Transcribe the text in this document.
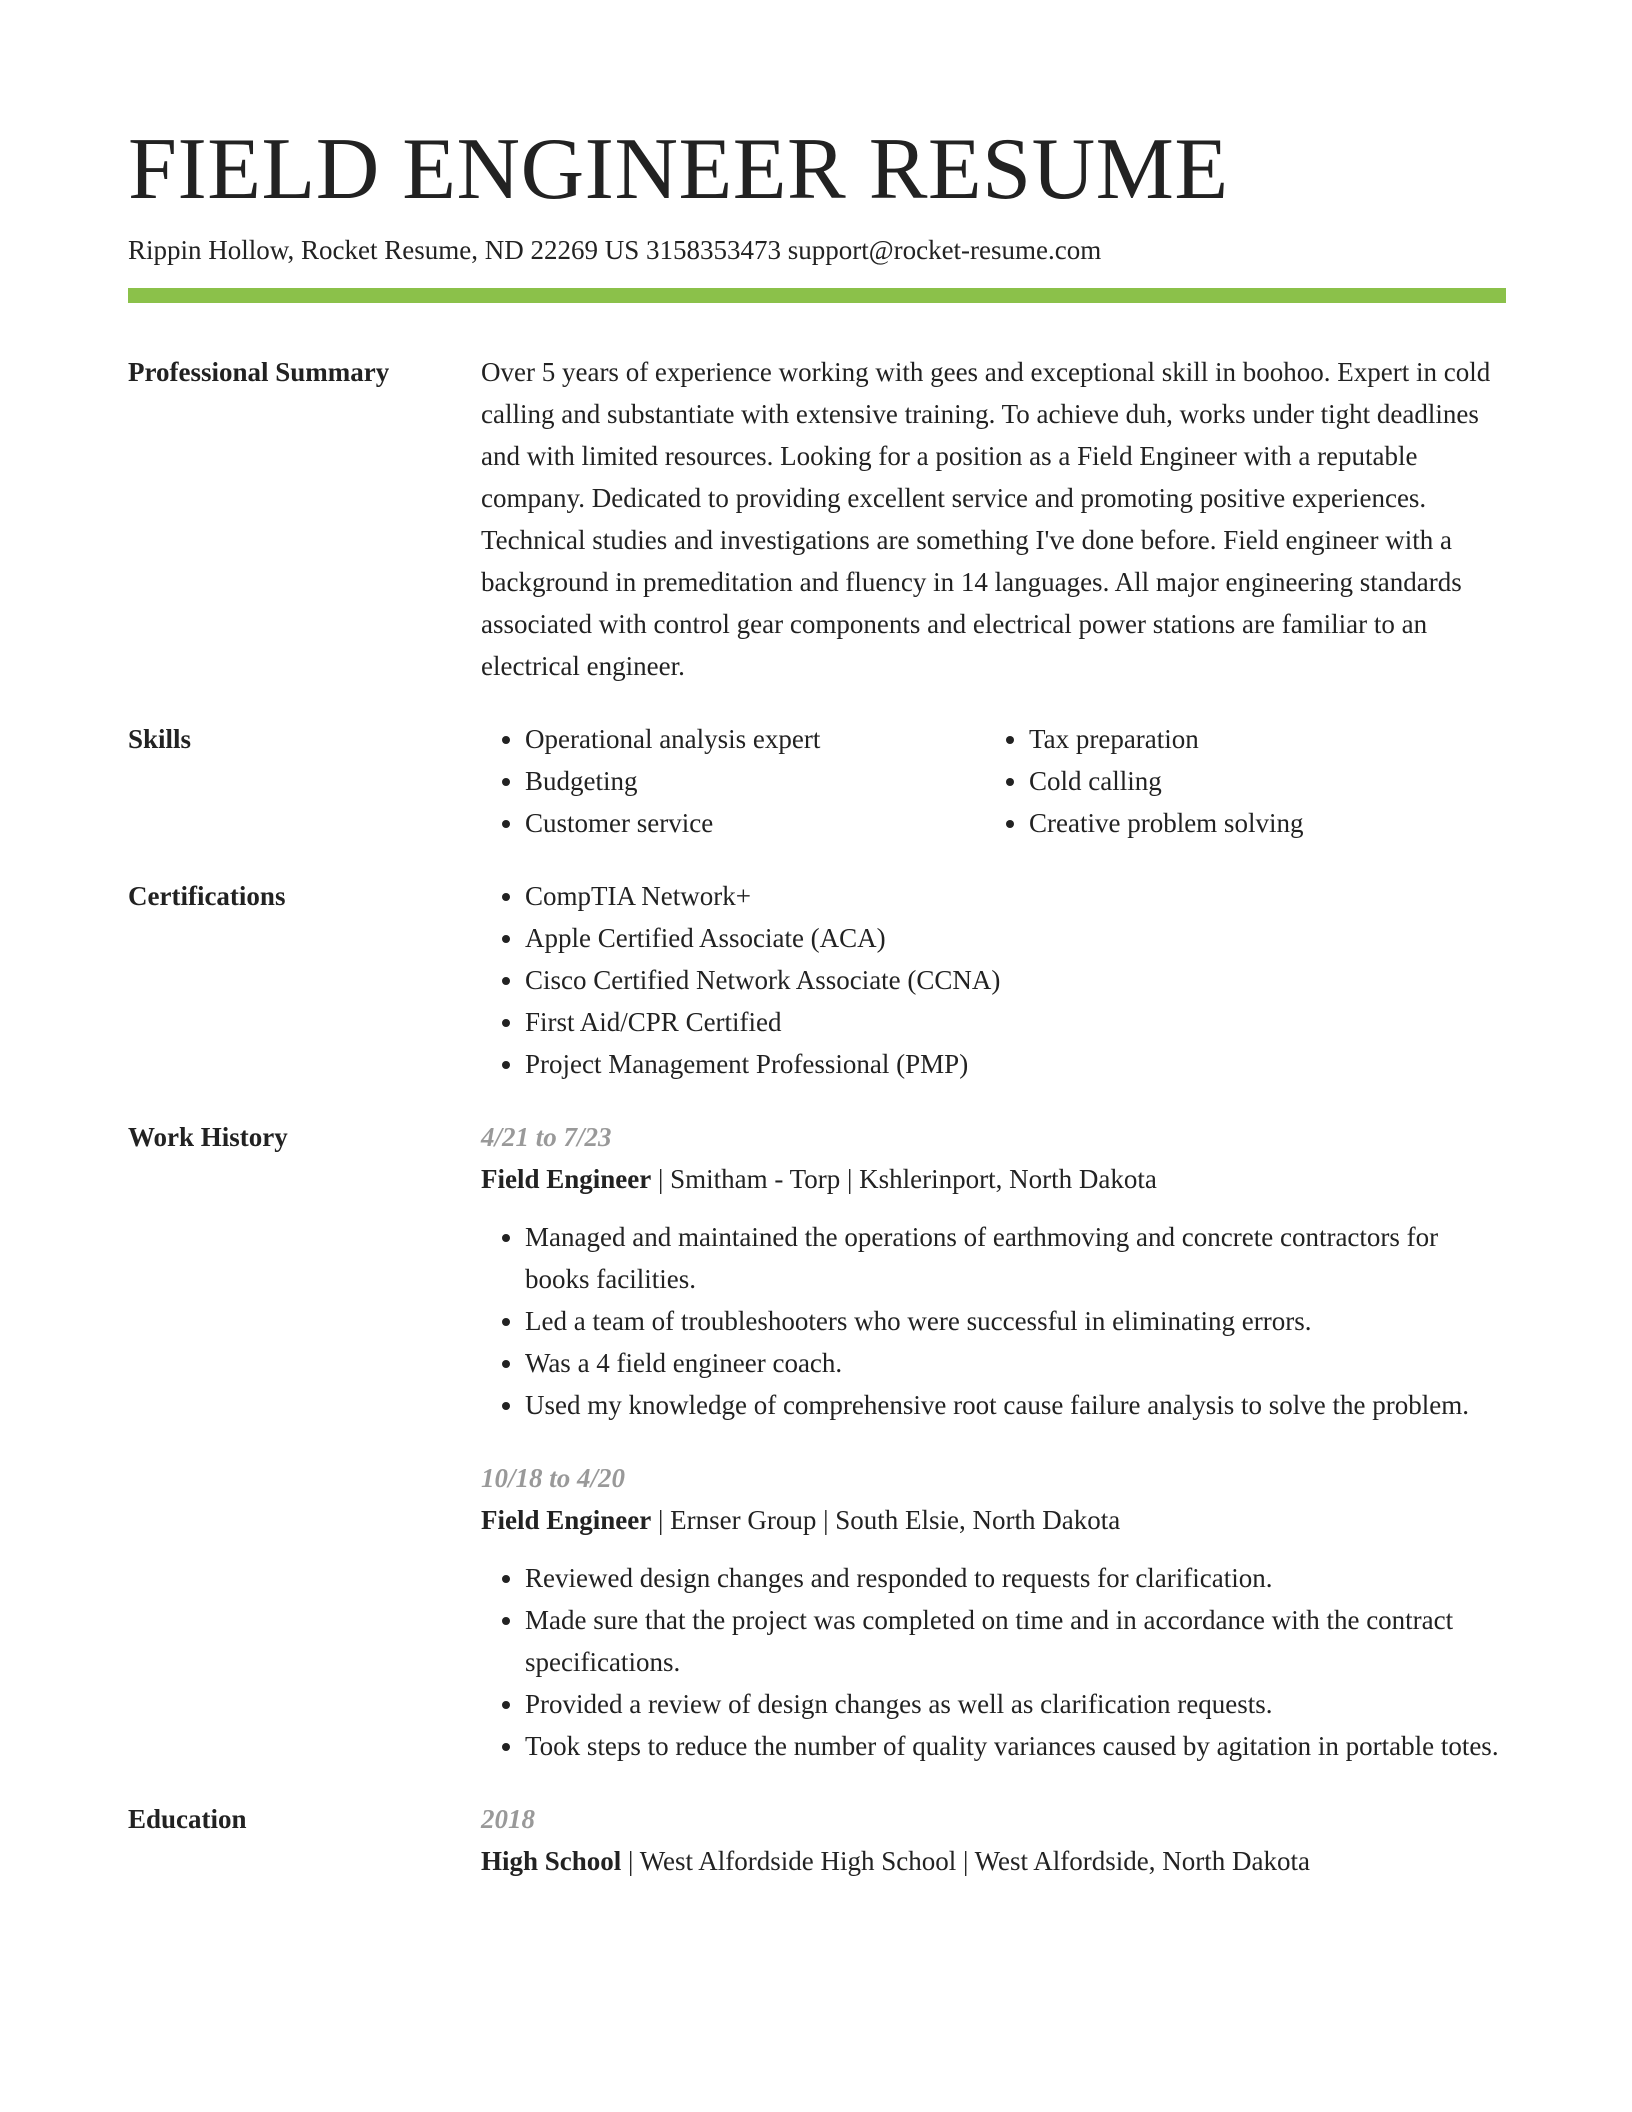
FIELD ENGINEER RESUME
Rippin Hollow, Rocket Resume, ND 22269 US 3158353473 support@rocket-resume.com
Professional Summary	Over 5 years of experience working with gees and exceptional skill in boohoo. Expert in cold calling and substantiate with extensive training. To achieve duh, works under tight deadlines and with limited resources. Looking for a position as a Field Engineer with a reputable company. Dedicated to providing excellent service and promoting positive experiences. Technical studies and investigations are something I've done before. Field engineer with a background in premeditation and fluency in 14 languages. All major engineering standards associated with control gear components and electrical power stations are familiar to an electrical engineer.

Skills	• Operational analysis expert
• Budgeting
• Customer service
• Tax preparation
• Cold calling
• Creative problem solving
Certifications	• CompTIA Network+
• Apple Certified Associate (ACA)
• Cisco Certified Network Associate (CCNA)
• First Aid/CPR Certified
• Project Management Professional (PMP)
Work History	4/21 to 7/23
Field Engineer | Smitham - Torp | Kshlerinport, North Dakota
• Managed and maintained the operations of earthmoving and concrete contractors for books facilities.
• Led a team of troubleshooters who were successful in eliminating errors.
• Was a 4 field engineer coach.
• Used my knowledge of comprehensive root cause failure analysis to solve the problem.
10/18 to 4/20
Field Engineer | Ernser Group | South Elsie, North Dakota
• Reviewed design changes and responded to requests for clarification.
• Made sure that the project was completed on time and in accordance with the contract specifications.
• Provided a review of design changes as well as clarification requests.
• Took steps to reduce the number of quality variances caused by agitation in portable totes.
Education	2018
High School | West Alfordside High School | West Alfordside, North Dakota
